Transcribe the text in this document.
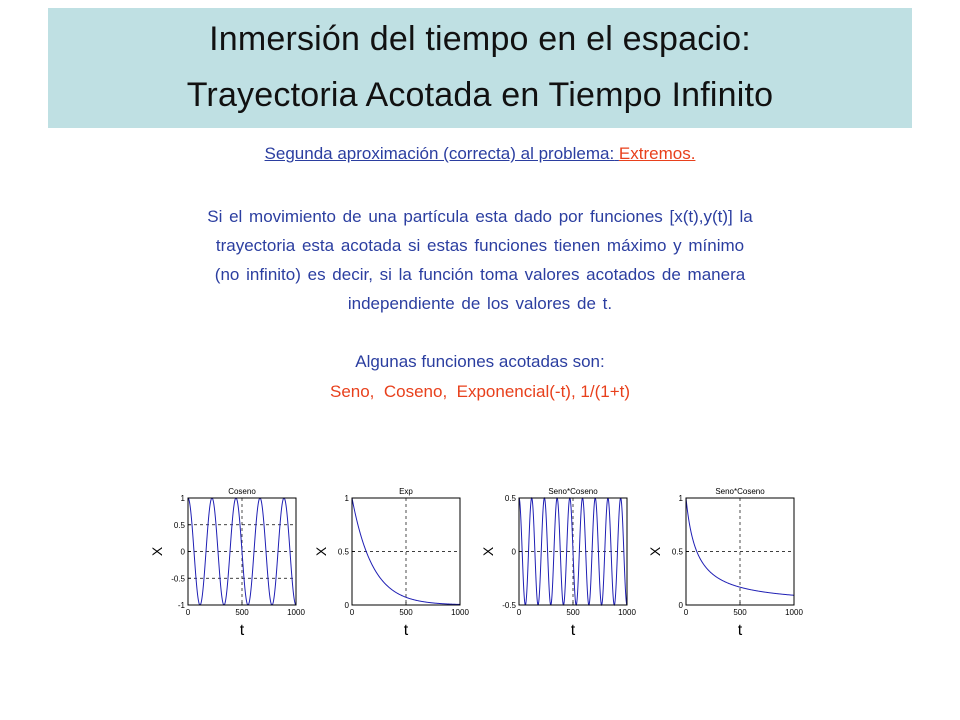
Inmersión del tiempo en el espacio:
Trayectoria Acotada en Tiempo Infinito
Segunda aproximación (correcta) al problema: Extremos.
Si el movimiento de una partícula esta dado por funciones [x(t),y(t)] la
trayectoria esta acotada si estas funciones tienen máximo y mínimo
(no infinito) es decir, si la función toma valores acotados de manera
independiente de los valores de t.
Algunas funciones acotadas son:
Seno,  Coseno,  Exponencial(-t), 1/(1+t)
Coseno
1
0.5
0
-0.5
-1
0	500	1000
t
X
Exp
1
0.5
0
0	500	1000
t
X
Seno*Coseno
0.5
0
-0.5
0	500	1000
t
X
Seno*Coseno
1
0.5
0
0	500	1000
t
X
